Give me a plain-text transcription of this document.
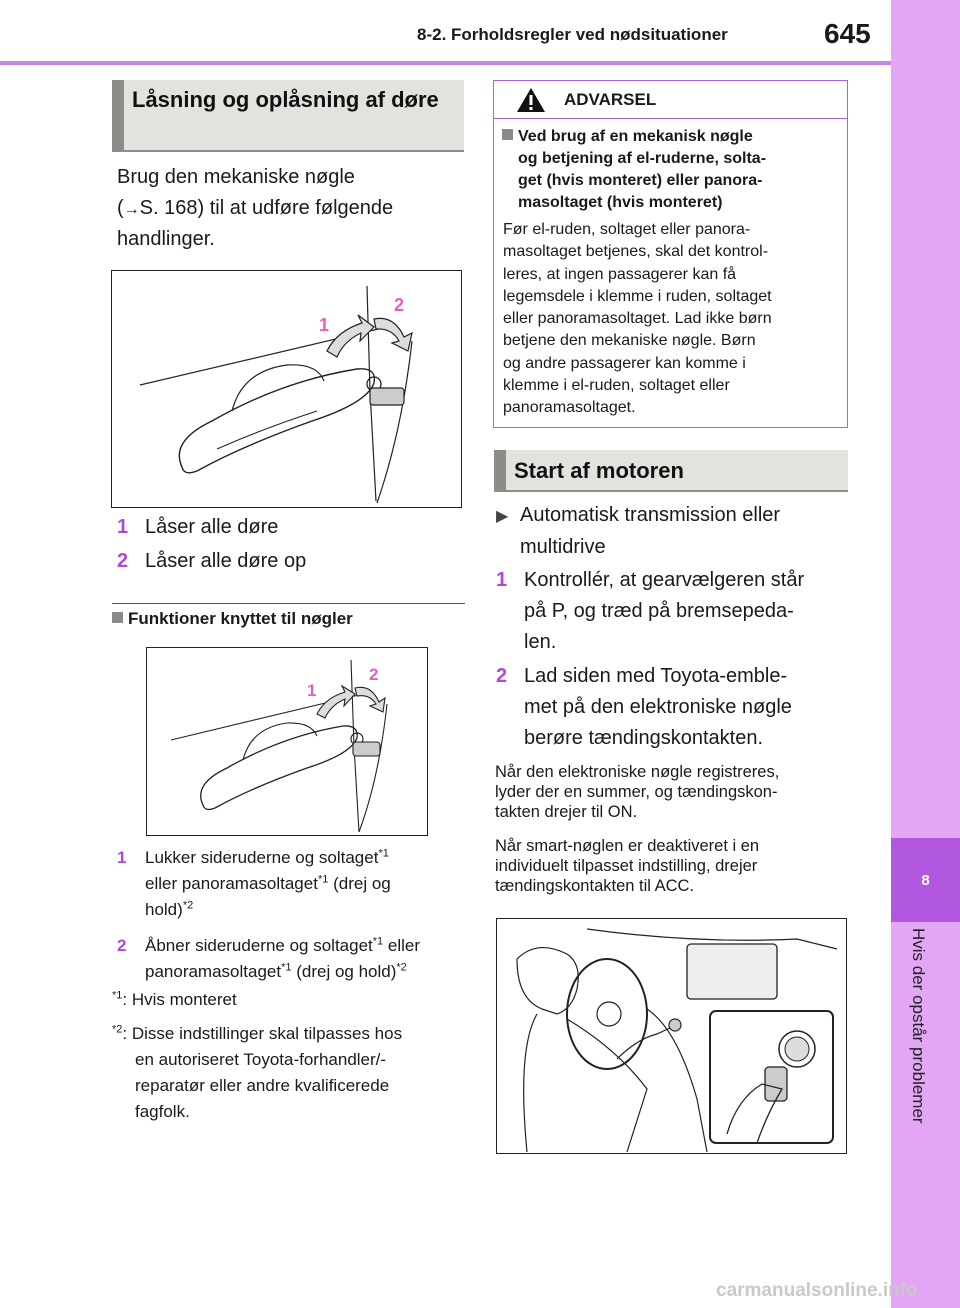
8-2. Forholdsregler ved nødsituationer	645
8
Hvis der opstår problemer
Låsning og oplåsning af døre
Brug den mekaniske nøgle
(→S. 168) til at udføre følgende
handlinger.
1
2
1 Låser alle døre
2 Låser alle døre op
Funktioner knyttet til nøgler
1
2
1 Lukker sideruderne og soltaget$^{*1}$
eller panoramasoltaget$^{*1}$ (drej og
hold)$^{*2}$
2 Åbner sideruderne og soltaget$^{*1}$ eller
panoramasoltaget$^{*1}$ (drej og hold)$^{*2}$
$^{*1}$: Hvis monteret
$^{*2}$: Disse indstillinger skal tilpasses hos
en autoriseret Toyota-forhandler/-
reparatør eller andre kvalificerede
fagfolk.
ADVARSEL
Ved brug af en mekanisk nøgle
og betjening af el-ruderne, solta-
get (hvis monteret) eller panora-
masoltaget (hvis monteret)
Før el-ruden, soltaget eller panora-
masoltaget betjenes, skal det kontrol-
leres, at ingen passagerer kan få
legemsdele i klemme i ruden, soltaget
eller panoramasoltaget. Lad ikke børn
betjene den mekaniske nøgle. Børn
og andre passagerer kan komme i
klemme i el-ruden, soltaget eller
panoramasoltaget.
Start af motoren
▶ Automatisk transmission eller
multidrive
1 Kontrollér, at gearvælgeren står
på P, og træd på bremsepeda-
len.
2 Lad siden med Toyota-emble-
met på den elektroniske nøgle
berøre tændingskontakten.
Når den elektroniske nøgle registreres,
lyder der en summer, og tændingskon-
takten drejer til ON.
Når smart-nøglen er deaktiveret i en
individuelt tilpasset indstilling, drejer
tændingskontakten til ACC.
carmanualsonline.info
